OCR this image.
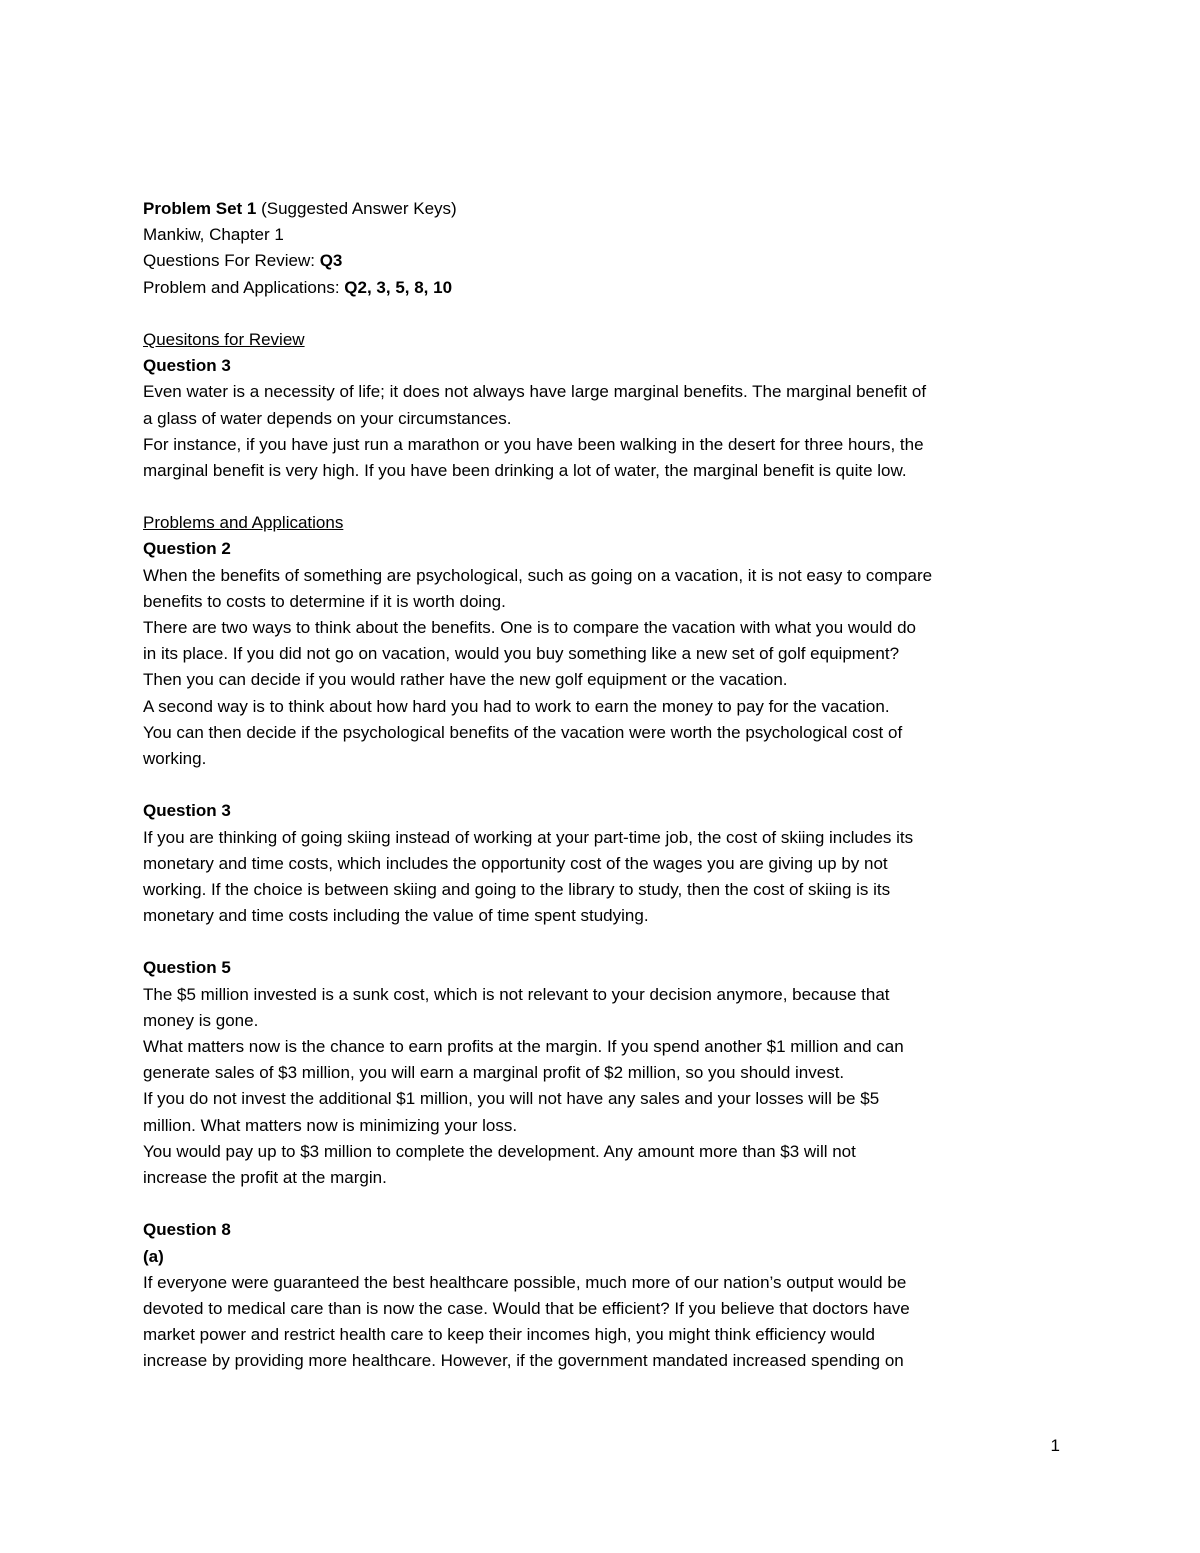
Problem Set 1 (Suggested Answer Keys)
Mankiw, Chapter 1
Questions For Review: Q3
Problem and Applications: Q2, 3, 5, 8, 10
Quesitons for Review
Question 3
Even water is a necessity of life; it does not always have large marginal benefits. The marginal benefit of
a glass of water depends on your circumstances.
For instance, if you have just run a marathon or you have been walking in the desert for three hours, the
marginal benefit is very high. If you have been drinking a lot of water, the marginal benefit is quite low.
Problems and Applications
Question 2
When the benefits of something are psychological, such as going on a vacation, it is not easy to compare
benefits to costs to determine if it is worth doing.
There are two ways to think about the benefits. One is to compare the vacation with what you would do
in its place. If you did not go on vacation, would you buy something like a new set of golf equipment?
Then you can decide if you would rather have the new golf equipment or the vacation.
A second way is to think about how hard you had to work to earn the money to pay for the vacation.
You can then decide if the psychological benefits of the vacation were worth the psychological cost of
working.
Question 3
If you are thinking of going skiing instead of working at your part-time job, the cost of skiing includes its
monetary and time costs, which includes the opportunity cost of the wages you are giving up by not
working. If the choice is between skiing and going to the library to study, then the cost of skiing is its
monetary and time costs including the value of time spent studying.
Question 5
The $5 million invested is a sunk cost, which is not relevant to your decision anymore, because that
money is gone.
What matters now is the chance to earn profits at the margin. If you spend another $1 million and can
generate sales of $3 million, you will earn a marginal profit of $2 million, so you should invest.
If you do not invest the additional $1 million, you will not have any sales and your losses will be $5
million. What matters now is minimizing your loss.
You would pay up to $3 million to complete the development. Any amount more than $3 will not
increase the profit at the margin.
Question 8
(a)
If everyone were guaranteed the best healthcare possible, much more of our nation’s output would be
devoted to medical care than is now the case. Would that be efficient? If you believe that doctors have
market power and restrict health care to keep their incomes high, you might think efficiency would
increase by providing more healthcare. However, if the government mandated increased spending on
1
